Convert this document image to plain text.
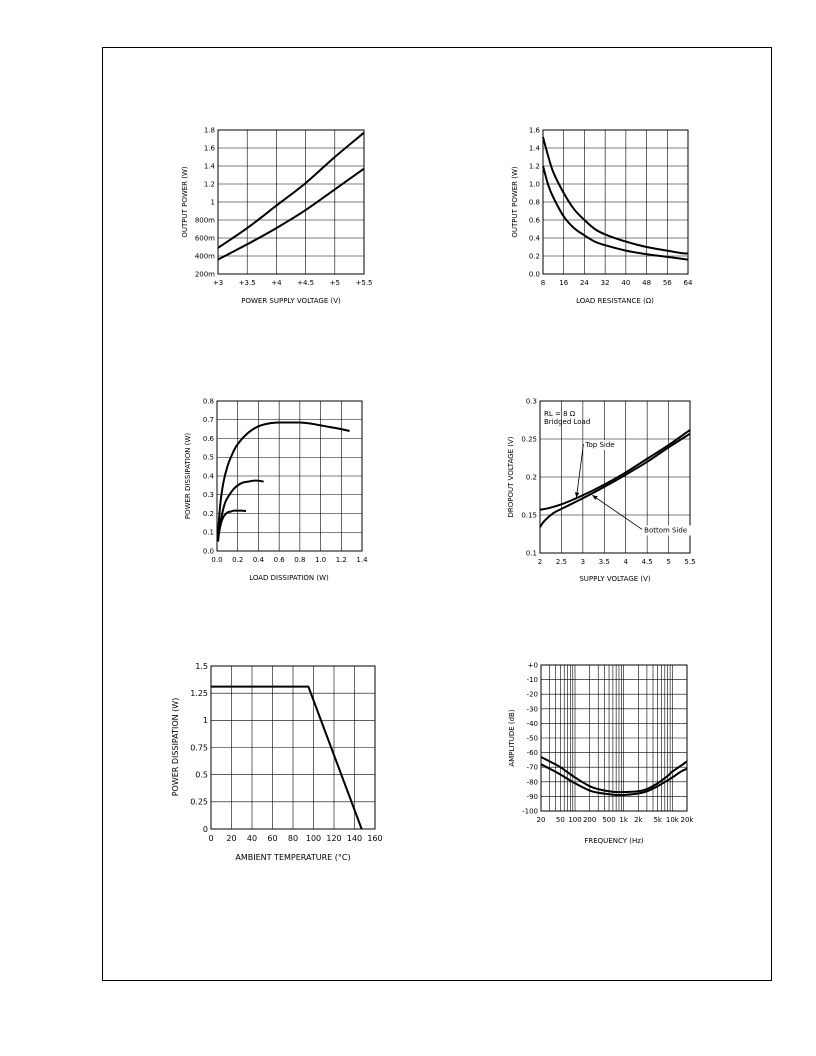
+3 +3.5 +4 +4.5 +5 +5.5
200m
400m
600m
800m
1
1.2
1.4
1.6
1.8
POWER SUPPLY VOLTAGE (V)
OUTPUT POWER (W)
8 16 24 32 40 48 56 64
0.0
0.2
0.4
0.6
0.8
1.0
1.2
1.4
1.6
LOAD RESISTANCE (Ω)
OUTPUT POWER (W)
0.0 0.2 0.4 0.6 0.8 1.0 1.2 1.4
0.0
0.1
0.2
0.3
0.4
0.5
0.6
0.7
0.8
LOAD DISSIPATION (W)
POWER DISSIPATION (W)
2 2.5 3 3.5 4 4.5 5 5.5
0.1
0.15
0.2
0.25
0.3
Top Side
Bottom Side
SUPPLY VOLTAGE (V)
DROPOUT VOLTAGE (V)
RL = 8 Ω
Bridged Load
0 20 40 60 80 100 120 140 160
0
0.25
0.5
0.75
1
1.25
1.5
AMBIENT TEMPERATURE (°C)
POWER DISSIPATION (W)
20 50 100 200 500 1k 2k 5k 10k 20k
+0
-10
-20
-30
-40
-50
-60
-70
-80
-90
-100
FREQUENCY (Hz)
AMPLITUDE (dB)
